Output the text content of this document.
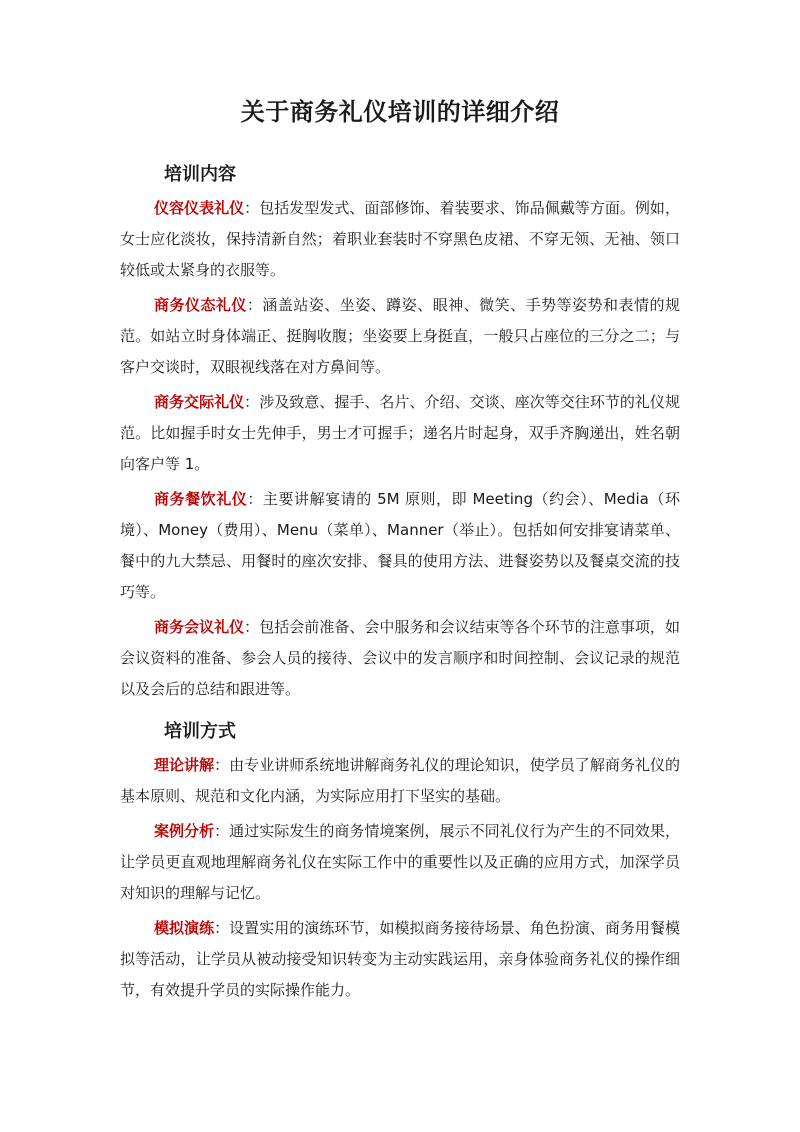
关于商务礼仪培训的详细介绍
培训内容

仪容仪表礼仪：包括发型发式、面部修饰、着装要求、饰品佩戴等方面。例如，女士应化淡妆，保持清新自然；着职业套装时不穿黑色皮裙、不穿无领、无袖、领口较低或太紧身的衣服等。

商务仪态礼仪：涵盖站姿、坐姿、蹲姿、眼神、微笑、手势等姿势和表情的规范。如站立时身体端正、挺胸收腹；坐姿要上身挺直，一般只占座位的三分之二；与客户交谈时，双眼视线落在对方鼻间等。

商务交际礼仪：涉及致意、握手、名片、介绍、交谈、座次等交往环节的礼仪规范。比如握手时女士先伸手，男士才可握手；递名片时起身，双手齐胸递出，姓名朝向客户等 1。

商务餐饮礼仪：主要讲解宴请的 5M 原则，即 Meeting（约会）、Media（环境）、Money（费用）、Menu（菜单）、Manner（举止）。包括如何安排宴请菜单、餐中的九大禁忌、用餐时的座次安排、餐具的使用方法、进餐姿势以及餐桌交流的技巧等。

商务会议礼仪：包括会前准备、会中服务和会议结束等各个环节的注意事项，如会议资料的准备、参会人员的接待、会议中的发言顺序和时间控制、会议记录的规范以及会后的总结和跟进等。

培训方式

理论讲解：由专业讲师系统地讲解商务礼仪的理论知识，使学员了解商务礼仪的基本原则、规范和文化内涵，为实际应用打下坚实的基础。

案例分析：通过实际发生的商务情境案例，展示不同礼仪行为产生的不同效果，让学员更直观地理解商务礼仪在实际工作中的重要性以及正确的应用方式，加深学员对知识的理解与记忆。

模拟演练：设置实用的演练环节，如模拟商务接待场景、角色扮演、商务用餐模拟等活动，让学员从被动接受知识转变为主动实践运用，亲身体验商务礼仪的操作细节，有效提升学员的实际操作能力。
